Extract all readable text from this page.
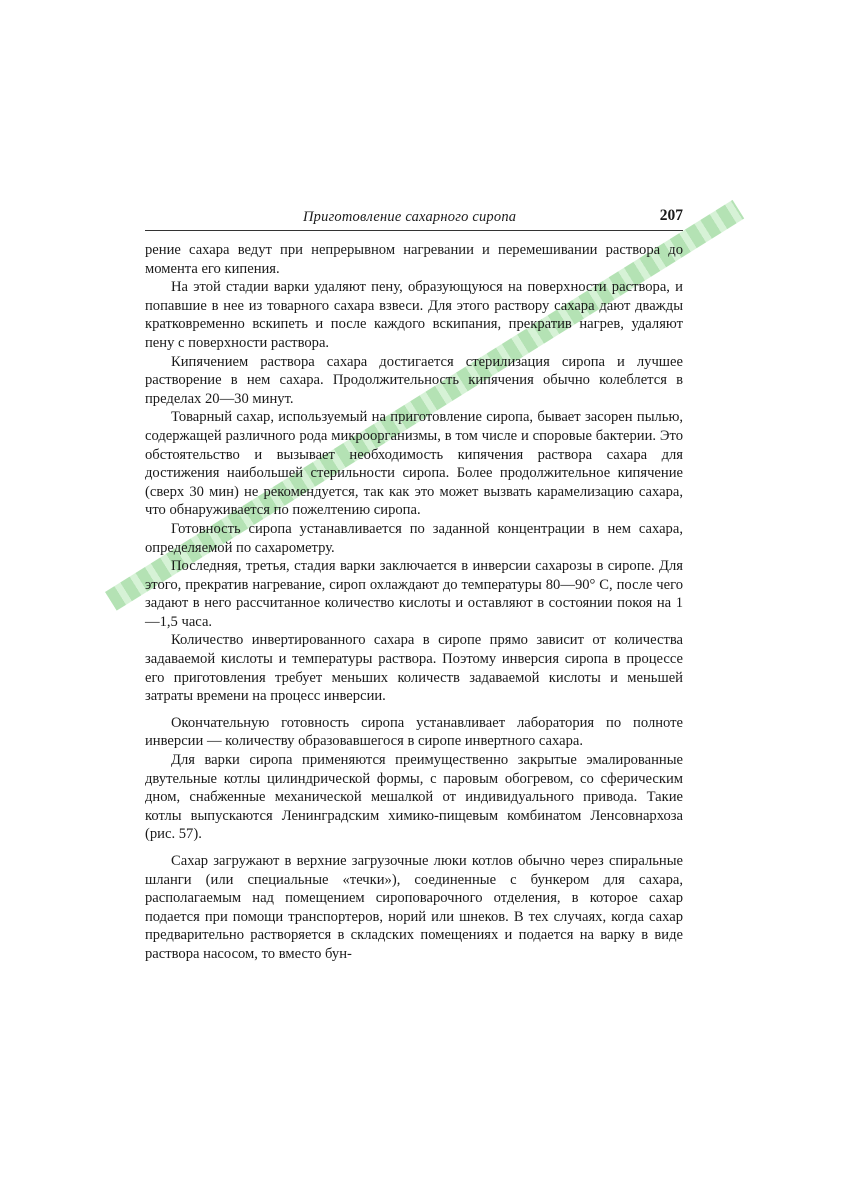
Приготовление сахарного сиропа	207

рение сахара ведут при непрерывном нагревании и перемешивании раствора до момента его кипения.

На этой стадии варки удаляют пену, образующуюся на поверхности раствора, и попавшие в нее из товарного сахара взвеси. Для этого раствору сахара дают дважды кратковременно вскипеть и после каждого вскипания, прекратив нагрев, удаляют пену с поверхности раствора.

Кипячением раствора сахара достигается стерилизация сиропа и лучшее растворение в нем сахара. Продолжительность кипячения обычно колеблется в пределах 20—30 минут.

Товарный сахар, используемый на приготовление сиропа, бывает засорен пылью, содержащей различного рода микроорганизмы, в том числе и споровые бактерии. Это обстоятельство и вызывает необходимость кипячения раствора сахара для достижения наибольшей стерильности сиропа. Более продолжительное кипячение (сверх 30 мин) не рекомендуется, так как это может вызвать карамелизацию сахара, что обнаруживается по пожелтению сиропа.

Готовность сиропа устанавливается по заданной концентрации в нем сахара, определяемой по сахарометру.

Последняя, третья, стадия варки заключается в инверсии сахарозы в сиропе. Для этого, прекратив нагревание, сироп охлаждают до температуры 80—90° С, после чего задают в него рассчитанное количество кислоты и оставляют в состоянии покоя на 1—1,5 часа.

Количество инвертированного сахара в сиропе прямо зависит от количества задаваемой кислоты и температуры раствора. Поэтому инверсия сиропа в процессе его приготовления требует меньших количеств задаваемой кислоты и меньшей затраты времени на процесс инверсии.

Окончательную готовность сиропа устанавливает лаборатория по полноте инверсии — количеству образовавшегося в сиропе инвертного сахара.

Для варки сиропа применяются преимущественно закрытые эмалированные двутельные котлы цилиндрической формы, с паровым обогревом, со сферическим дном, снабженные механической мешалкой от индивидуального привода. Такие котлы выпускаются Ленинградским химико-пищевым комбинатом Ленсовнархоза (рис. 57).

Сахар загружают в верхние загрузочные люки котлов обычно через спиральные шланги (или специальные «течки»), соединенные с бункером для сахара, располагаемым над помещением сироповарочного отделения, в которое сахар подается при помощи транспортеров, норий или шнеков. В тех случаях, когда сахар предварительно растворяется в складских помещениях и подается на варку в виде раствора насосом, то вместо бун-
